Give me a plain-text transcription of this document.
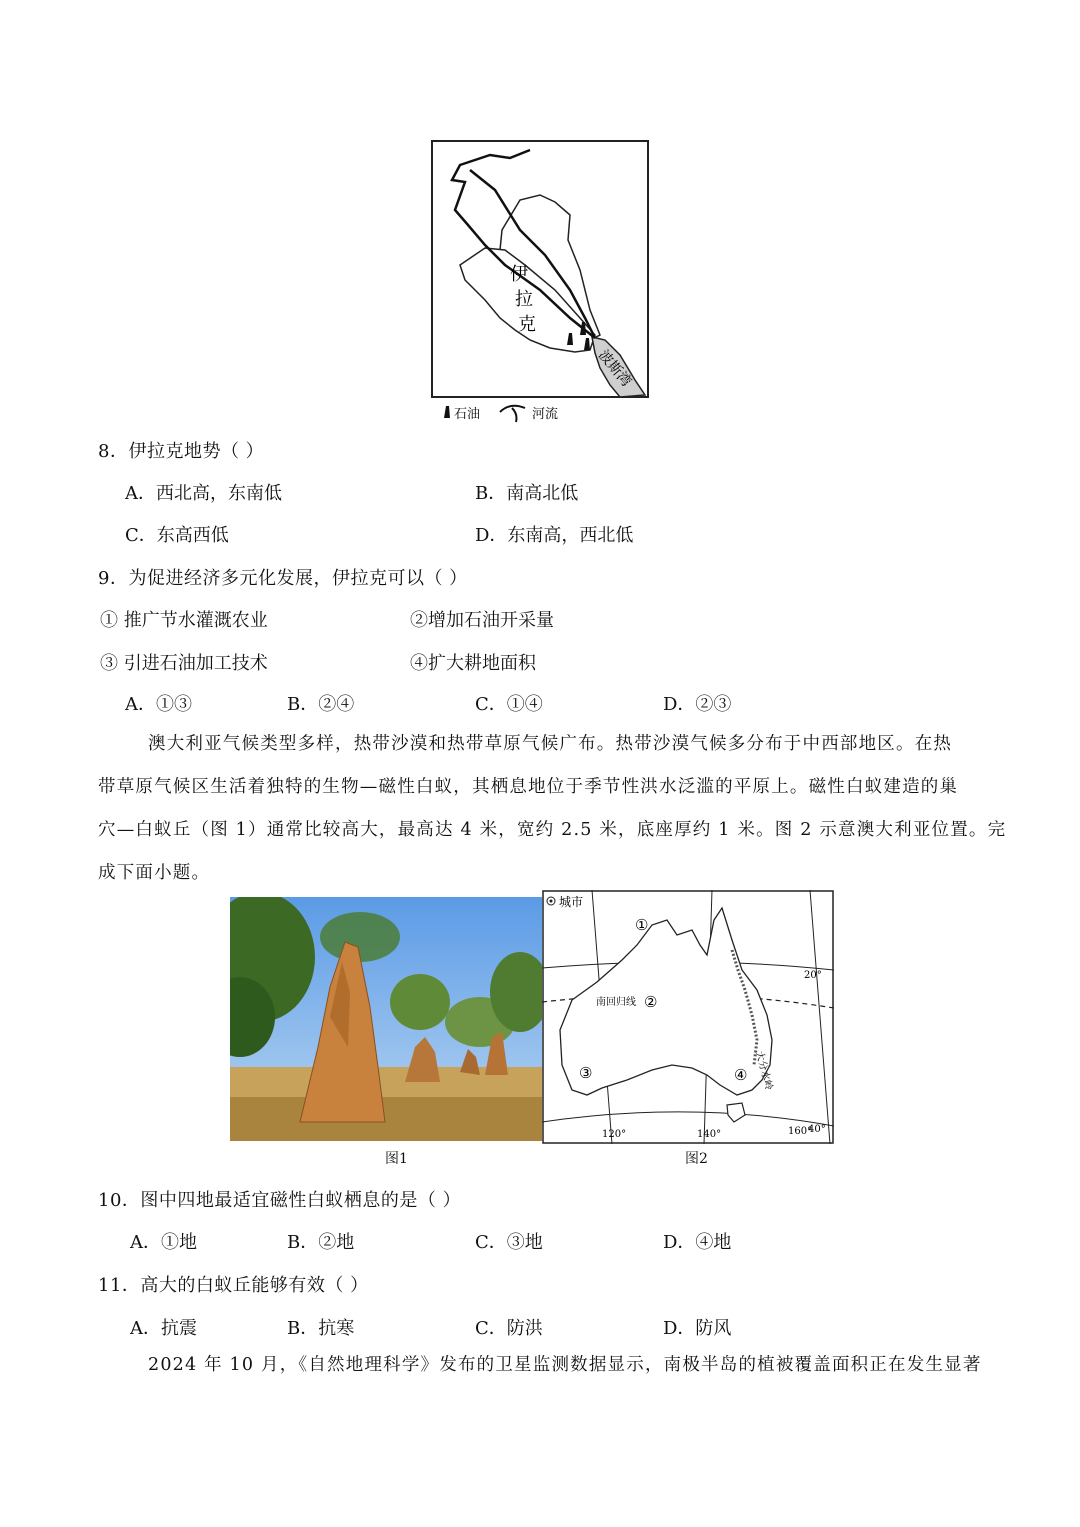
伊
拉
克
波斯湾
石油	河流
8．伊拉克地势（ ）
A．西北高，东南低	B．南高北低
C．东高西低	D．东南高，西北低
9．为促进经济多元化发展，伊拉克可以（ ）
① 推广节水灌溉农业	②增加石油开采量
③ 引进石油加工技术	④扩大耕地面积
A．①③	B．②④	C．①④	D．②③
澳大利亚气候类型多样，热带沙漠和热带草原气候广布。热带沙漠气候多分布于中西部地区。在热
带草原气候区生活着独特的生物—磁性白蚁，其栖息地位于季节性洪水泛滥的平原上。磁性白蚁建造的巢
穴—白蚁丘（图 1）通常比较高大，最高达 4 米，宽约 2.5 米，底座厚约 1 米。图 2 示意澳大利亚位置。完
成下面小题。
城市
①
南回归线 ②
③	④ 大分水岭
20°
40°
120°	140°	160°
图1	图2
10．图中四地最适宜磁性白蚁栖息的是（ ）
A．①地	B．②地	C．③地	D．④地
11．高大的白蚁丘能够有效（ ）
A．抗震	B．抗寒	C．防洪	D．防风
2024 年 10 月，《自然地理科学》发布的卫星监测数据显示，南极半岛的植被覆盖面积正在发生显著
